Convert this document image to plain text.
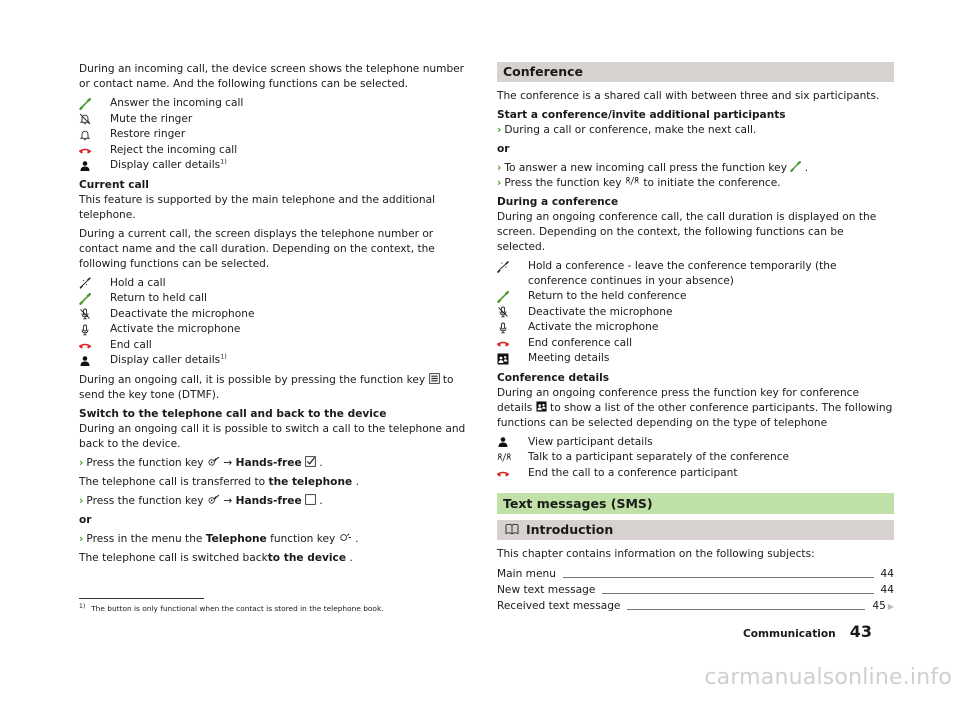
During an incoming call, the device screen shows the telephone number or contact name. And the following functions can be selected.

Answer the incoming call
Mute the ringer
Restore ringer
Reject the incoming call
Display caller details$^{1)}$

Current call

This feature is supported by the main telephone and the additional telephone.

During a current call, the screen displays the telephone number or contact name and the call duration. Depending on the context, the following functions can be selected.

Hold a call
Return to held call
Deactivate the microphone
Activate the microphone
End call
Display caller details$^{1)}$

During an ongoing call, it is possible by pressing the function key to send the key tone (DTMF).

Switch to the telephone call and back to the device

During an ongoing call it is possible to switch a call to the telephone and back to the device.

› Press the function key → Hands-free .

The telephone call is transferred to the telephone .

› Press the function key → Hands-free .

or

› Press in the menu the Telephone function key .

The telephone call is switched backto the device .

Conference

The conference is a shared call with between three and six participants.

Start a conference/invite additional participants

› During a call or conference, make the next call.

or

› To answer a new incoming call press the function key .

› Press the function key to initiate the conference.

During a conference

During an ongoing conference call, the call duration is displayed on the screen. Depending on the context, the following functions can be selected.

Hold a conference - leave the conference temporarily (the conference continues in your absence)
Return to the held conference
Deactivate the microphone
Activate the microphone
End conference call
Meeting details

Conference details

During an ongoing conference press the function key for conference details to show a list of the other conference participants. The following functions can be selected depending on the type of telephone

View participant details
Talk to a participant separately of the conference
End the call to a conference participant
Text messages (SMS)
Introduction

This chapter contains information on the following subjects:

Main menu	44
New text message	44
Received text message	45 ▶
$^{1)}$ The button is only functional when the contact is stored in the telephone book.
Communication 43
carmanualsonline.info
